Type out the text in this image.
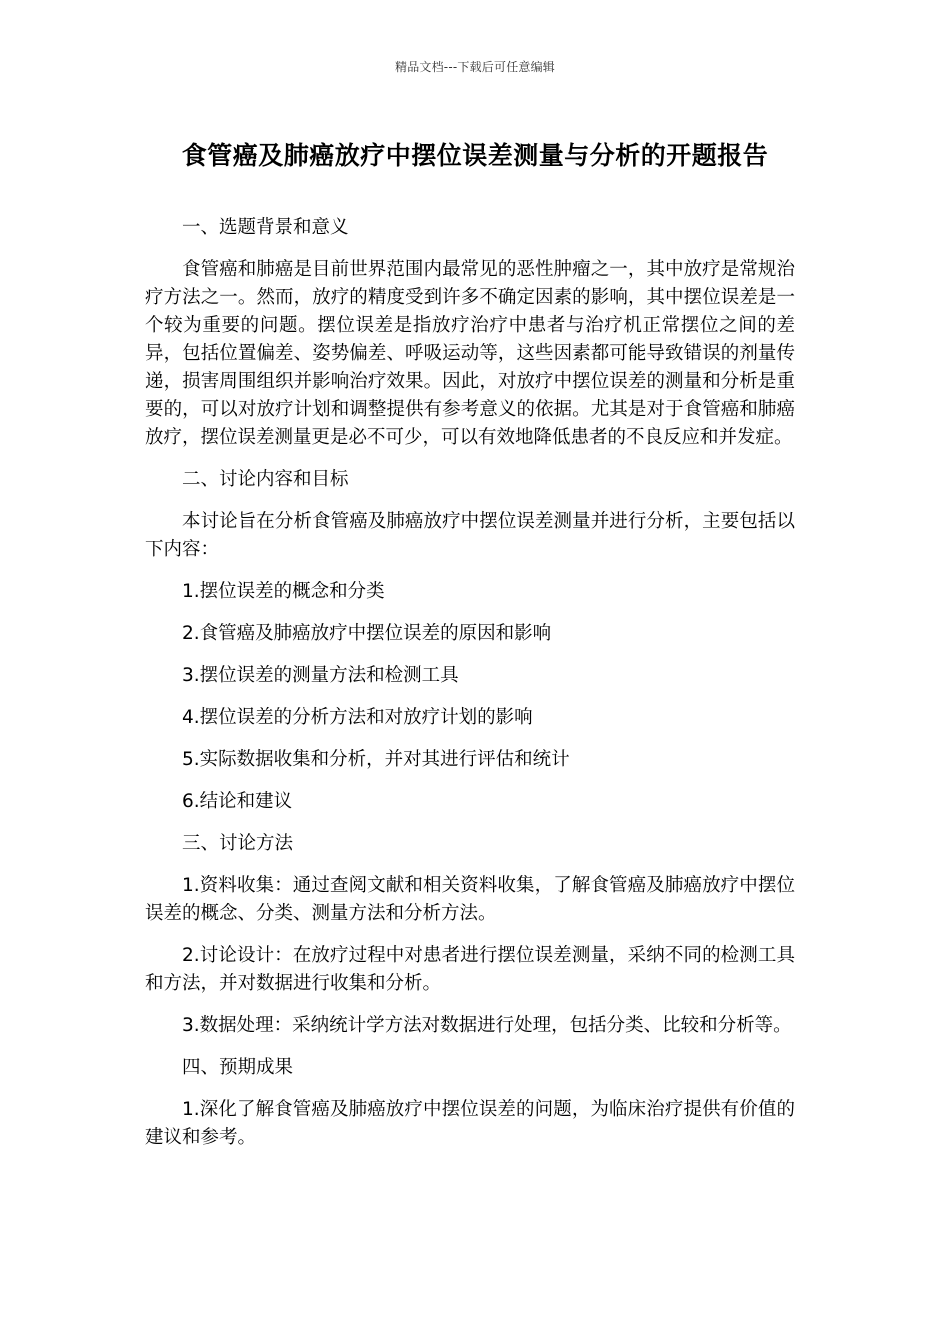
精品文档---下载后可任意编辑
食管癌及肺癌放疗中摆位误差测量与分析的开题报告

一、选题背景和意义

食管癌和肺癌是目前世界范围内最常见的恶性肿瘤之一，其中放疗是常规治疗方法之一。然而，放疗的精度受到许多不确定因素的影响，其中摆位误差是一个较为重要的问题。摆位误差是指放疗治疗中患者与治疗机正常摆位之间的差异，包括位置偏差、姿势偏差、呼吸运动等，这些因素都可能导致错误的剂量传递，损害周围组织并影响治疗效果。因此，对放疗中摆位误差的测量和分析是重要的，可以对放疗计划和调整提供有参考意义的依据。尤其是对于食管癌和肺癌放疗，摆位误差测量更是必不可少，可以有效地降低患者的不良反应和并发症。

二、讨论内容和目标

本讨论旨在分析食管癌及肺癌放疗中摆位误差测量并进行分析，主要包括以下内容：

1.摆位误差的概念和分类

2.食管癌及肺癌放疗中摆位误差的原因和影响

3.摆位误差的测量方法和检测工具

4.摆位误差的分析方法和对放疗计划的影响

5.实际数据收集和分析，并对其进行评估和统计

6.结论和建议

三、讨论方法

1.资料收集：通过查阅文献和相关资料收集，了解食管癌及肺癌放疗中摆位误差的概念、分类、测量方法和分析方法。

2.讨论设计：在放疗过程中对患者进行摆位误差测量，采纳不同的检测工具和方法，并对数据进行收集和分析。

3.数据处理：采纳统计学方法对数据进行处理，包括分类、比较和分析等。

四、预期成果

1.深化了解食管癌及肺癌放疗中摆位误差的问题，为临床治疗提供有价值的建议和参考。
